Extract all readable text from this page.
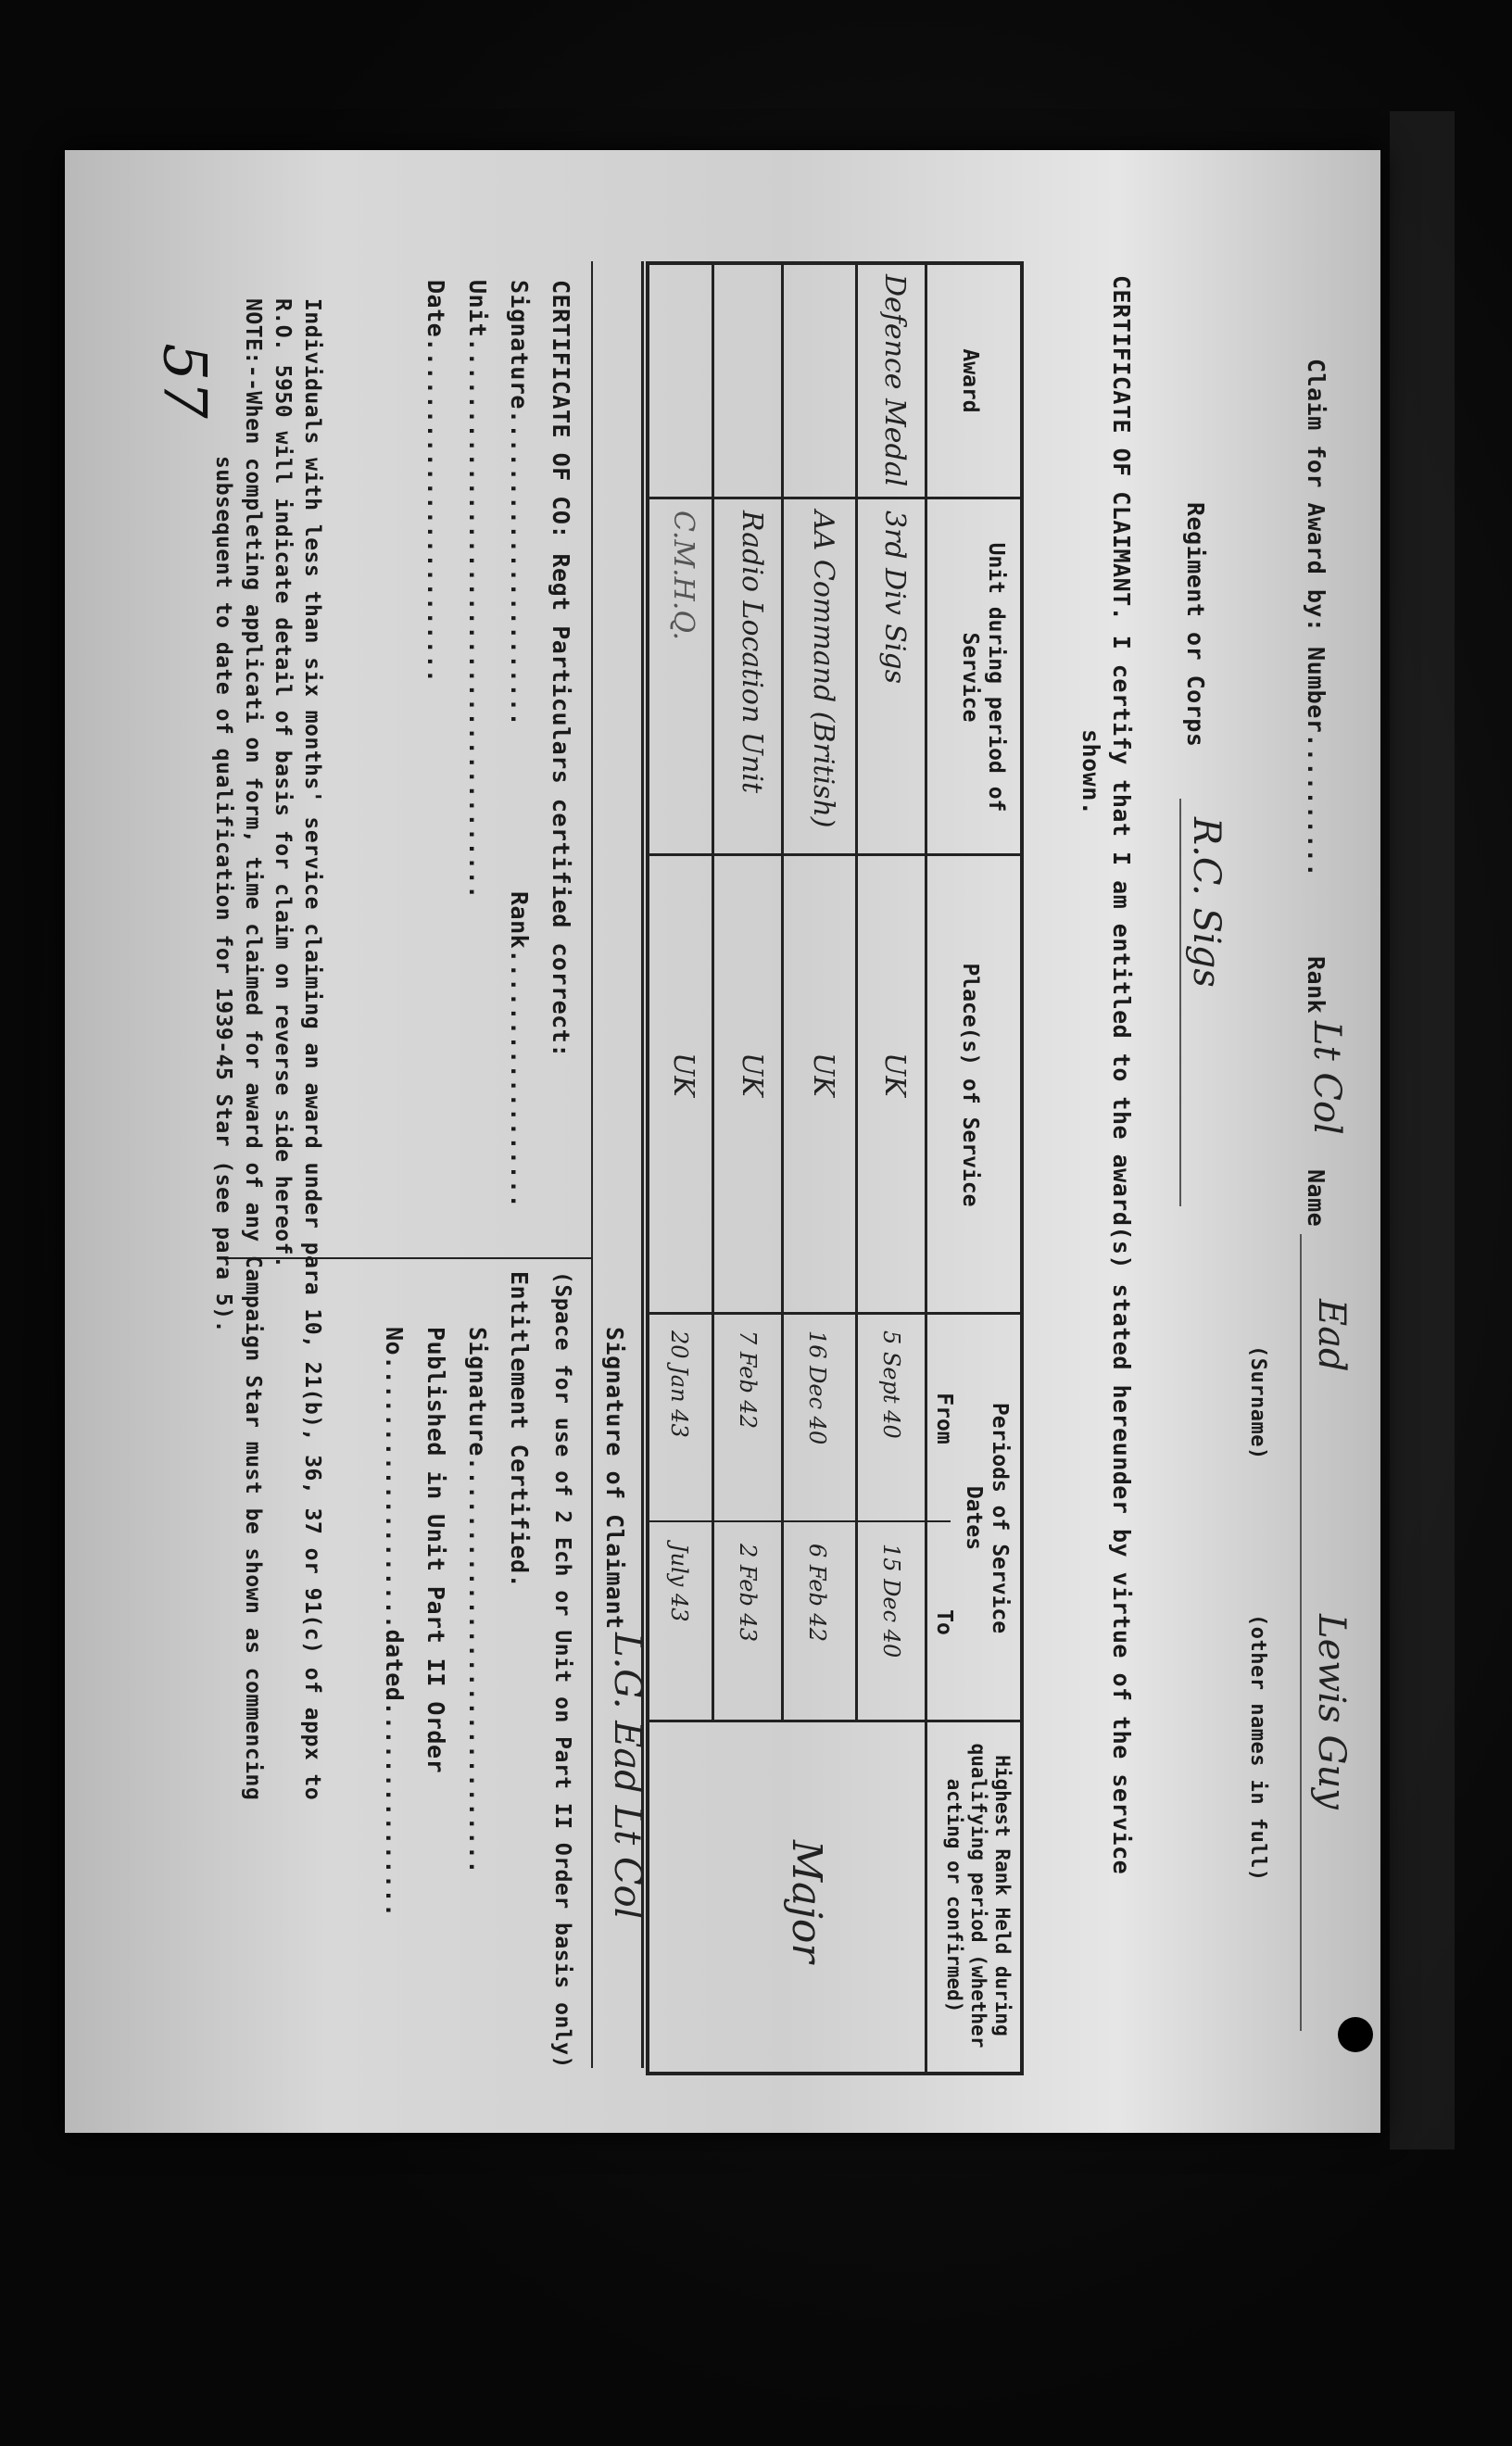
57	Claim for Award by: Number..........
Rank
Lt Col
Name
Ead
Lewis Guy
(Surname)
(other names in full)
Regiment or Corps
R.C. Sigs
CERTIFICATE OF CLAIMANT. I certify that I am entitled to the award(s) stated hereunder by virtue of the service
shown.
Award
Unit during period of Service
Place(s) of Service
Periods of Service
Dates
From
To
Highest Rank Held during qualifying period (whether acting or confirmed)
Defence Medal
3rd Div Sigs
UK
5 Sept 40
15 Dec 40
AA Command (British)
UK
16 Dec 40
6 Feb 42
Radio Location Unit
UK
7 Feb 42
2 Feb 43
C.M.H.Q.
UK
20 Jan 43
July 43
Major
Signature of Claimant
L.G. Ead Lt Col
CERTIFICATE OF CO: Regt Particulars certified correct:
Signature......................
Rank..................
Unit.......................................
Date........................
(Space for use of 2 Ech or Unit on Part II Order basis only)
Entitlement Certified.
Signature.............................
Published in Unit Part II Order
No...................dated...............
Individuals with less than six months' service claiming an award under para 10, 21(b), 36, 37 or 91(c) of appx to
R.O. 5950 will indicate detail of basis for claim on reverse side hereof.
NOTE:--When completing applicati on form, time claimed for award of any Campaign Star must be shown as commencing
subsequent to date of qualification for 1939-45 Star (see para 5).
